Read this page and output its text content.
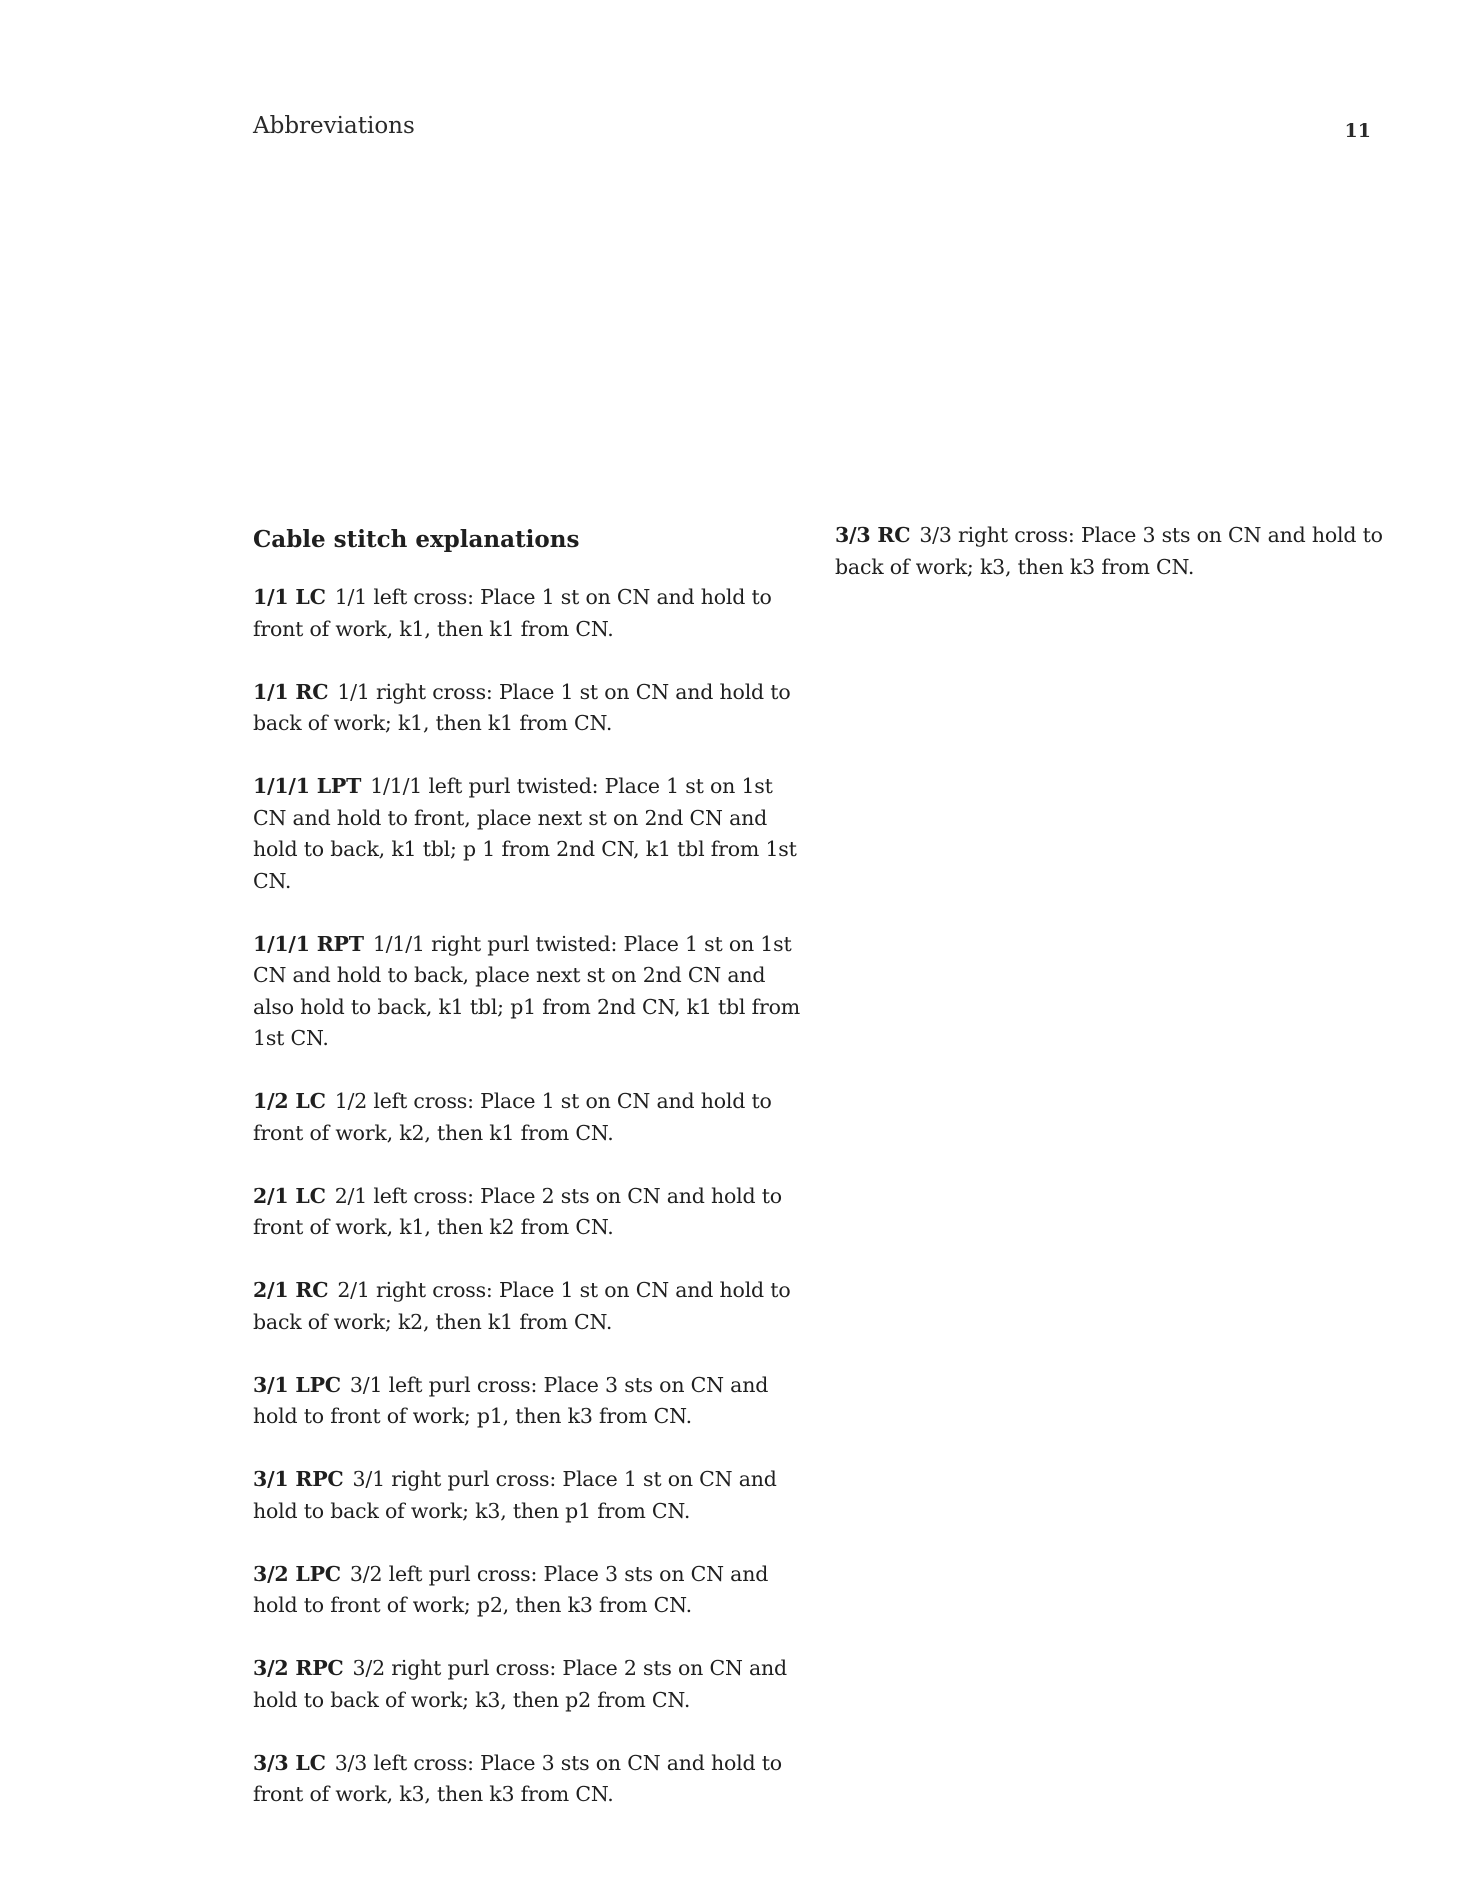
Abbreviations	11
Cable stitch explanations

1/1 LC 1/1 left cross: Place 1 st on CN and hold to front of work, k1, then k1 from CN.

1/1 RC 1/1 right cross: Place 1 st on CN and hold to back of work; k1, then k1 from CN.

1/1/1 LPT 1/1/1 left purl twisted: Place 1 st on 1st CN and hold to front, place next st on 2nd CN and hold to back, k1 tbl; p 1 from 2nd CN, k1 tbl from 1st CN.

1/1/1 RPT 1/1/1 right purl twisted: Place 1 st on 1st CN and hold to back, place next st on 2nd CN and also hold to back, k1 tbl; p1 from 2nd CN, k1 tbl from 1st CN.

1/2 LC 1/2 left cross: Place 1 st on CN and hold to front of work, k2, then k1 from CN.

2/1 LC 2/1 left cross: Place 2 sts on CN and hold to front of work, k1, then k2 from CN.

2/1 RC 2/1 right cross: Place 1 st on CN and hold to back of work; k2, then k1 from CN.

3/1 LPC 3/1 left purl cross: Place 3 sts on CN and hold to front of work; p1, then k3 from CN.

3/1 RPC 3/1 right purl cross: Place 1 st on CN and hold to back of work; k3, then p1 from CN.

3/2 LPC 3/2 left purl cross: Place 3 sts on CN and hold to front of work; p2, then k3 from CN.

3/2 RPC 3/2 right purl cross: Place 2 sts on CN and hold to back of work; k3, then p2 from CN.

3/3 LC 3/3 left cross: Place 3 sts on CN and hold to front of work, k3, then k3 from CN.

3/3 RC 3/3 right cross: Place 3 sts on CN and hold to back of work; k3, then k3 from CN.
